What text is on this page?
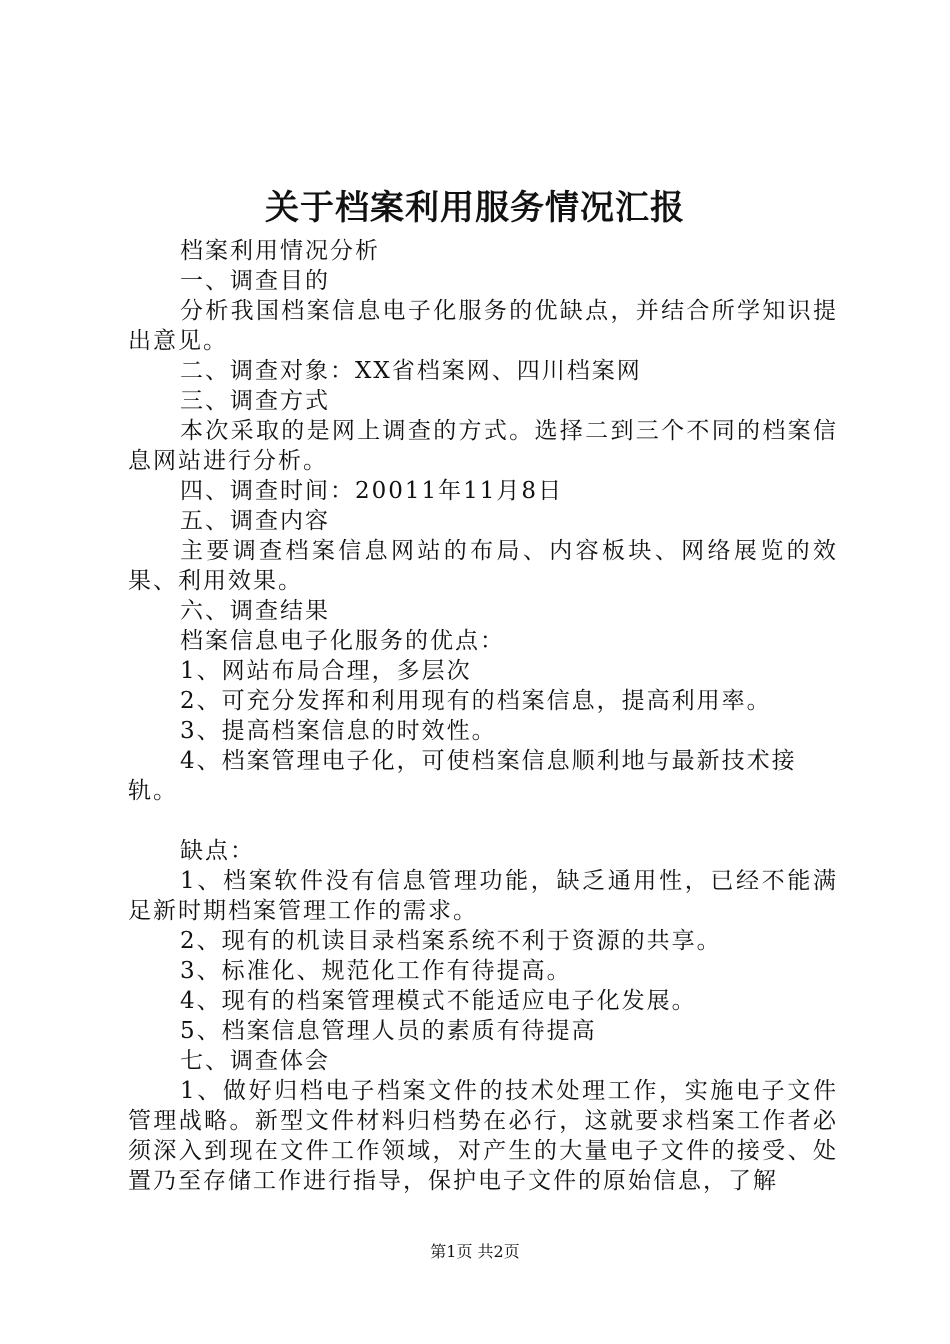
关于档案利用服务情况汇报

档案利用情况分析

一、调查目的

分析我国档案信息电子化服务的优缺点，并结合所学知识提出意见。

二、调查对象：XX省档案网、四川档案网

三、调查方式

本次采取的是网上调查的方式。选择二到三个不同的档案信息网站进行分析。

四、调查时间：20011年11月8日

五、调查内容

主要调查档案信息网站的布局、内容板块、网络展览的效果、利用效果。

六、调查结果

档案信息电子化服务的优点：

1、网站布局合理，多层次

2、可充分发挥和利用现有的档案信息，提高利用率。

3、提高档案信息的时效性。

4、档案管理电子化，可使档案信息顺利地与最新技术接轨。

缺点：

1、档案软件没有信息管理功能，缺乏通用性，已经不能满足新时期档案管理工作的需求。

2、现有的机读目录档案系统不利于资源的共享。

3、标准化、规范化工作有待提高。

4、现有的档案管理模式不能适应电子化发展。

5、档案信息管理人员的素质有待提高

七、调查体会

1、做好归档电子档案文件的技术处理工作，实施电子文件管理战略。新型文件材料归档势在必行，这就要求档案工作者必须深入到现在文件工作领域，对产生的大量电子文件的接受、处置乃至存储工作进行指导，保护电子文件的原始信息，了解

第1页 共2页
